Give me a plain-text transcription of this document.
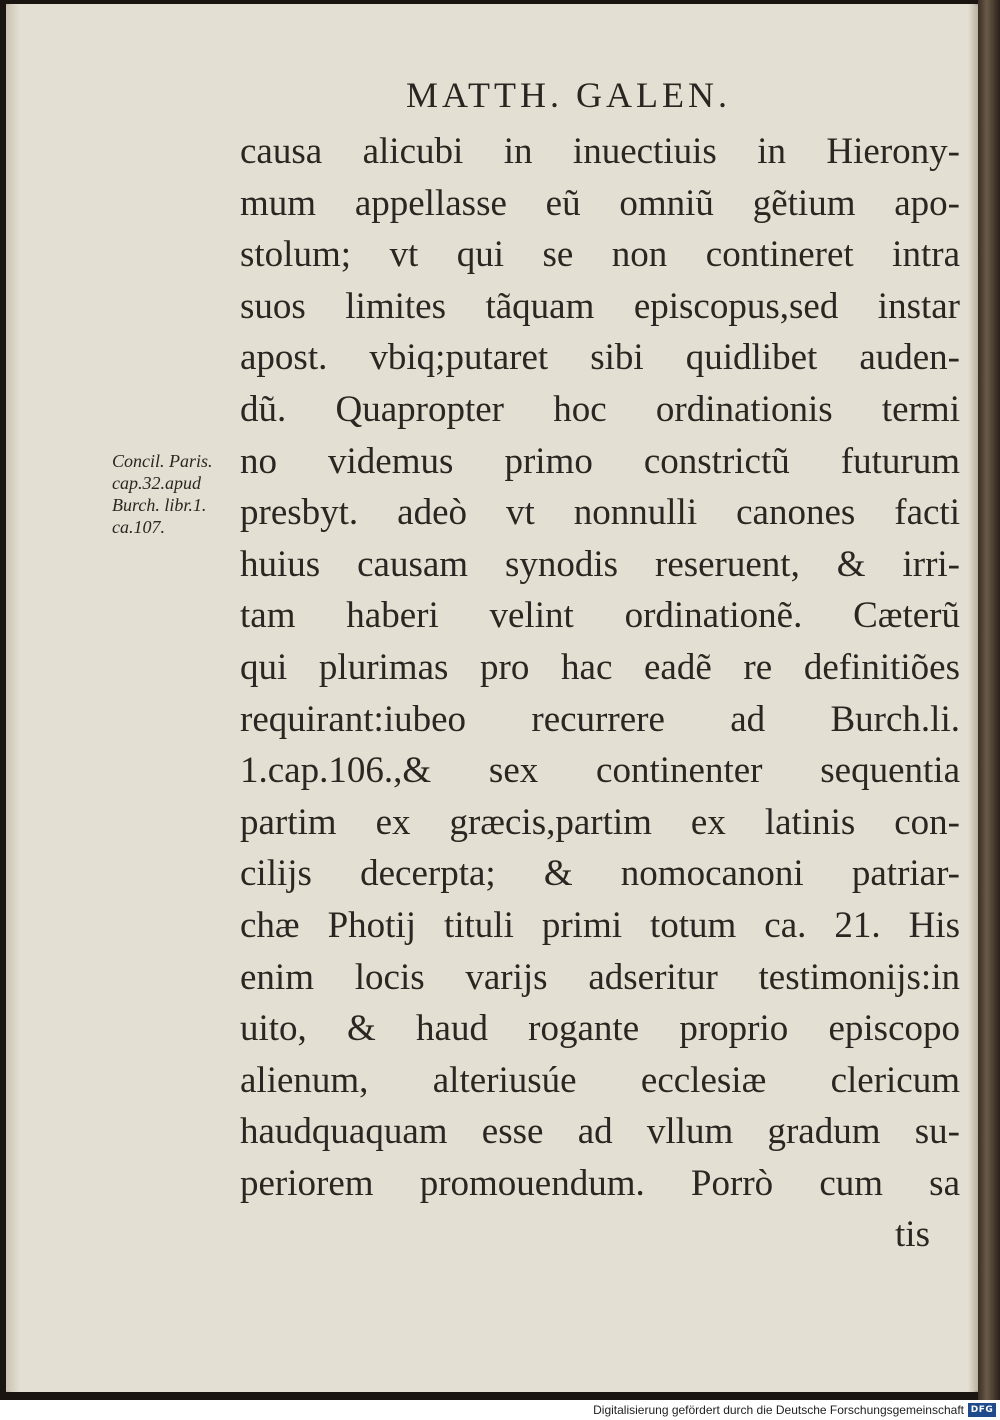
MATTH. GALEN.
Concil. Paris.
cap.32.apud
Burch. libr.1.
ca.107.
causa alicubi in inuectiuis in Hierony-
mum appellasse eũ omniũ gẽtium apo-
stolum; vt qui se non contineret intra
suos limites tãquam episcopus,sed instar
apost. vbiq;putaret sibi quidlibet auden-
dũ. Quapropter hoc ordinationis termi
no videmus primo constrictũ futurum
presbyt. adeò vt nonnulli canones facti
huius causam synodis reseruent, & irri-
tam haberi velint ordinationẽ. Cæterũ
qui plurimas pro hac eadẽ re definitiões
requirant:iubeo recurrere ad Burch.li.
1.cap.106.,& sex continenter sequentia
partim ex græcis,partim ex latinis con-
cilijs decerpta; & nomocanoni patriar-
chæ Photij tituli primi totum ca. 21. His
enim locis varijs adseritur testimonijs:in
uito, & haud rogante proprio episcopo
alienum, alteriusúe ecclesiæ clericum
haudquaquam esse ad vllum gradum su-
periorem promouendum. Porrò cum sa
tis
Digitalisierung gefördert durch die Deutsche Forschungsgemeinschaft DFG
